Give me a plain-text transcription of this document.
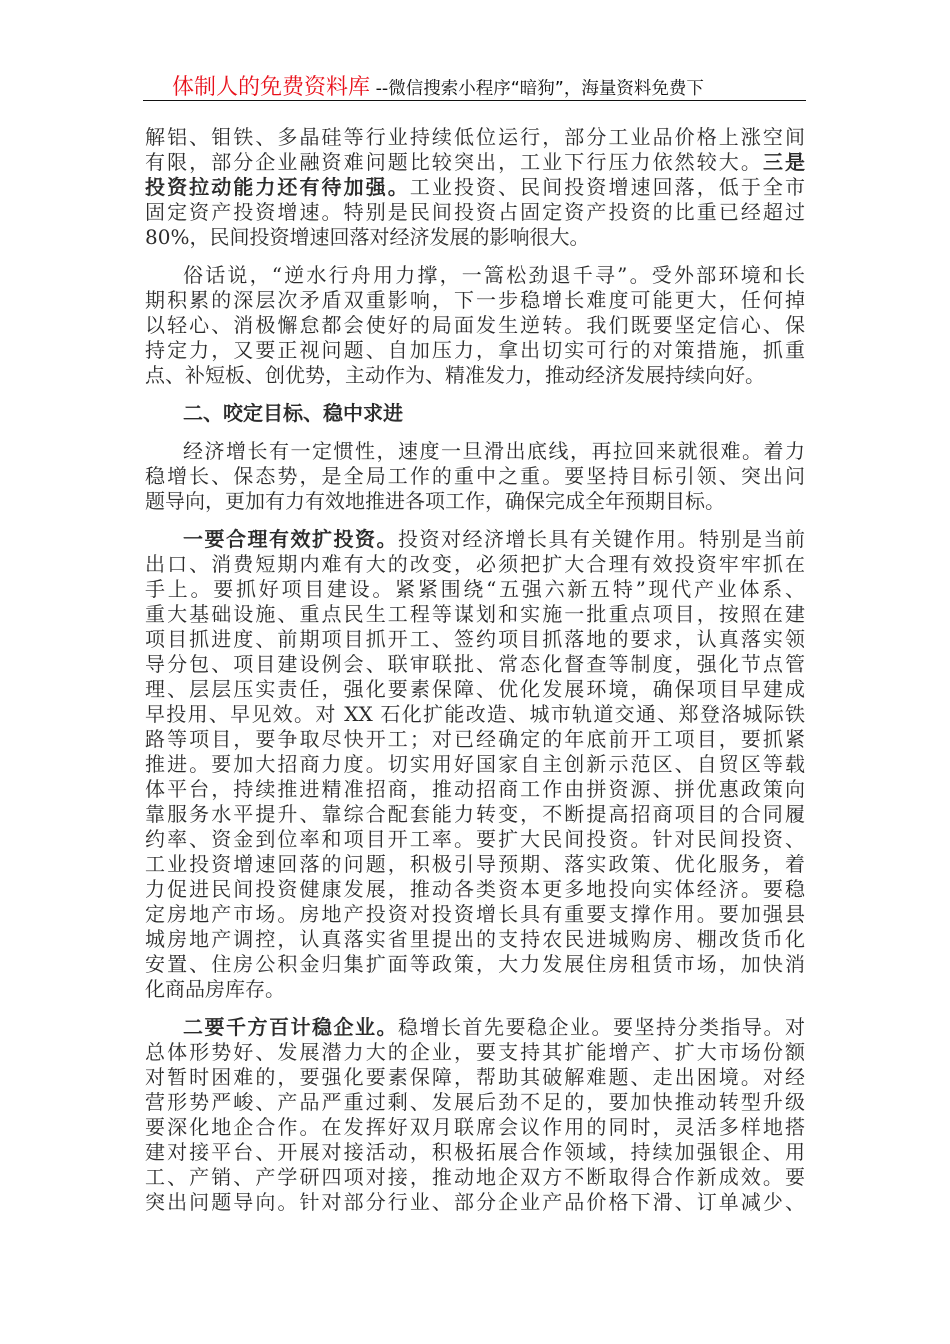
体制人的免费资料库 --微信搜索小程序“暗狗”，海量资料免费下
解铝、钼铁、多晶硅等行业持续低位运行，部分工业品价格上涨空间
有限，部分企业融资难问题比较突出，工业下行压力依然较大。三是
投资拉动能力还有待加强。工业投资、民间投资增速回落，低于全市
固定资产投资增速。特别是民间投资占固定资产投资的比重已经超过
80%，民间投资增速回落对经济发展的影响很大。
俗话说，“逆水行舟用力撑，一篙松劲退千寻”。受外部环境和长
期积累的深层次矛盾双重影响，下一步稳增长难度可能更大，任何掉
以轻心、消极懈怠都会使好的局面发生逆转。我们既要坚定信心、保
持定力，又要正视问题、自加压力，拿出切实可行的对策措施，抓重
点、补短板、创优势，主动作为、精准发力，推动经济发展持续向好。
二、咬定目标、稳中求进
经济增长有一定惯性，速度一旦滑出底线，再拉回来就很难。着力
稳增长、保态势，是全局工作的重中之重。要坚持目标引领、突出问
题导向，更加有力有效地推进各项工作，确保完成全年预期目标。
一要合理有效扩投资。投资对经济增长具有关键作用。特别是当前
出口、消费短期内难有大的改变，必须把扩大合理有效投资牢牢抓在
手上。要抓好项目建设。紧紧围绕“五强六新五特”现代产业体系、
重大基础设施、重点民生工程等谋划和实施一批重点项目，按照在建
项目抓进度、前期项目抓开工、签约项目抓落地的要求，认真落实领
导分包、项目建设例会、联审联批、常态化督查等制度，强化节点管
理、层层压实责任，强化要素保障、优化发展环境，确保项目早建成
早投用、早见效。对 XX 石化扩能改造、城市轨道交通、郑登洛城际铁
路等项目，要争取尽快开工；对已经确定的年底前开工项目，要抓紧
推进。要加大招商力度。切实用好国家自主创新示范区、自贸区等载
体平台，持续推进精准招商，推动招商工作由拼资源、拼优惠政策向
靠服务水平提升、靠综合配套能力转变，不断提高招商项目的合同履
约率、资金到位率和项目开工率。要扩大民间投资。针对民间投资、
工业投资增速回落的问题，积极引导预期、落实政策、优化服务，着
力促进民间投资健康发展，推动各类资本更多地投向实体经济。要稳
定房地产市场。房地产投资对投资增长具有重要支撑作用。要加强县
城房地产调控，认真落实省里提出的支持农民进城购房、棚改货币化
安置、住房公积金归集扩面等政策，大力发展住房租赁市场，加快消
化商品房库存。
二要千方百计稳企业。稳增长首先要稳企业。要坚持分类指导。对
总体形势好、发展潜力大的企业，要支持其扩能增产、扩大市场份额
对暂时困难的，要强化要素保障，帮助其破解难题、走出困境。对经
营形势严峻、产品严重过剩、发展后劲不足的，要加快推动转型升级
要深化地企合作。在发挥好双月联席会议作用的同时，灵活多样地搭
建对接平台、开展对接活动，积极拓展合作领域，持续加强银企、用
工、产销、产学研四项对接，推动地企双方不断取得合作新成效。要
突出问题导向。针对部分行业、部分企业产品价格下滑、订单减少、
